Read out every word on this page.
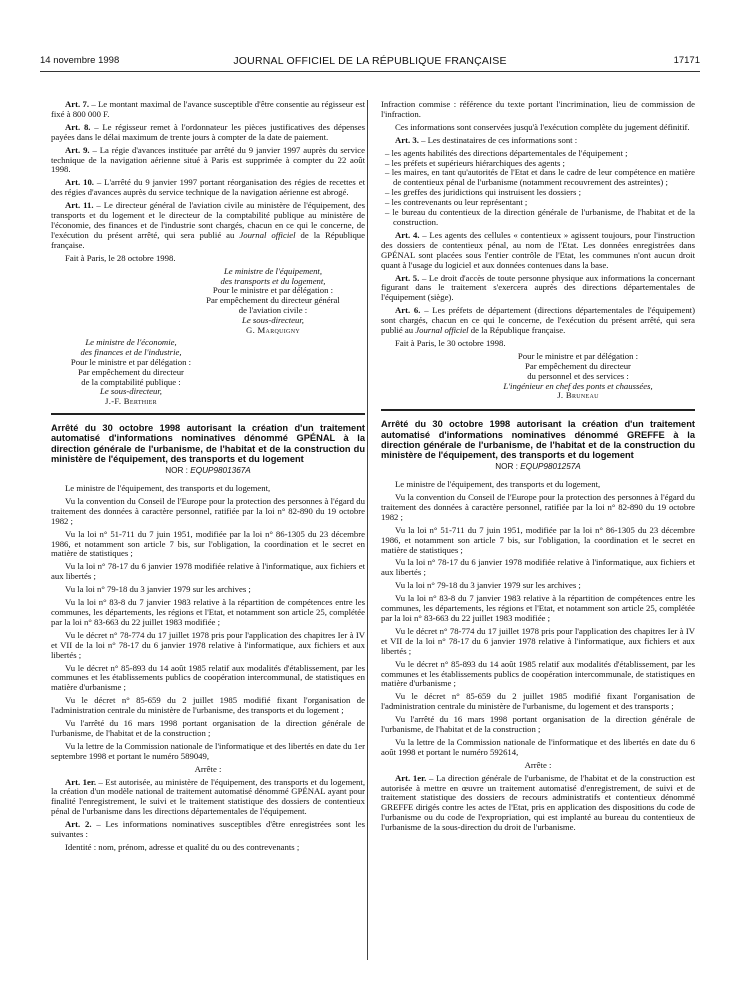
14 novembre 1998	JOURNAL OFFICIEL DE LA RÉPUBLIQUE FRANÇAISE	17171

Art. 7. – Le montant maximal de l'avance susceptible d'être consentie au régisseur est fixé à 800 000 F.

Art. 8. – Le régisseur remet à l'ordonnateur les pièces justificatives des dépenses payées dans le délai maximum de trente jours à compter de la date de paiement.

Art. 9. – La régie d'avances instituée par arrêté du 9 janvier 1997 auprès du service technique de la navigation aérienne situé à Paris est supprimée à compter du 22 août 1998.

Art. 10. – L'arrêté du 9 janvier 1997 portant réorganisation des régies de recettes et des régies d'avances auprès du service technique de la navigation aérienne est abrogé.

Art. 11. – Le directeur général de l'aviation civile au ministère de l'équipement, des transports et du logement et le directeur de la comptabilité publique au ministère de l'économie, des finances et de l'industrie sont chargés, chacun en ce qui le concerne, de l'exécution du présent arrêté, qui sera publié au Journal officiel de la République française.

Fait à Paris, le 28 octobre 1998.

Le ministre de l'équipement,
des transports et du logement,
Pour le ministre et par délégation :
Par empêchement du directeur général
de l'aviation civile :
Le sous-directeur,
G. Marquigny
Le ministre de l'économie,
des finances et de l'industrie,
Pour le ministre et par délégation :
Par empêchement du directeur
de la comptabilité publique :
Le sous-directeur,
J.-F. Berthier
Arrêté du 30 octobre 1998 autorisant la création d'un traitement automatisé d'informations nominatives dénommé GPÉNAL à la direction générale de l'urbanisme, de l'habitat et de la construction du ministère de l'équipement, des transports et du logement
NOR : EQUP9801367A

Le ministre de l'équipement, des transports et du logement,

Vu la convention du Conseil de l'Europe pour la protection des personnes à l'égard du traitement des données à caractère personnel, ratifiée par la loi n° 82-890 du 19 octobre 1982 ;

Vu la loi n° 51-711 du 7 juin 1951, modifiée par la loi n° 86-1305 du 23 décembre 1986, et notamment son article 7 bis, sur l'obligation, la coordination et le secret en matière de statistiques ;

Vu la loi n° 78-17 du 6 janvier 1978 modifiée relative à l'informatique, aux fichiers et aux libertés ;

Vu la loi n° 79-18 du 3 janvier 1979 sur les archives ;

Vu la loi n° 83-8 du 7 janvier 1983 relative à la répartition de compétences entre les communes, les départements, les régions et l'Etat, et notamment son article 25, complétée par la loi n° 83-663 du 22 juillet 1983 modifiée ;

Vu le décret n° 78-774 du 17 juillet 1978 pris pour l'application des chapitres Ier à IV et VII de la loi n° 78-17 du 6 janvier 1978 relative à l'informatique, aux fichiers et aux libertés ;

Vu le décret n° 85-893 du 14 août 1985 relatif aux modalités d'établissement, par les communes et les établissements publics de coopération intercommunal, de statistiques en matière d'urbanisme ;

Vu le décret n° 85-659 du 2 juillet 1985 modifié fixant l'organisation de l'administration centrale du ministère de l'urbanisme, des transports et du logement ;

Vu l'arrêté du 16 mars 1998 portant organisation de la direction générale de l'urbanisme, de l'habitat et de la construction ;

Vu la lettre de la Commission nationale de l'informatique et des libertés en date du 1er septembre 1998 et portant le numéro 589049,

Arrête :

Art. 1er. – Est autorisée, au ministère de l'équipement, des transports et du logement, la création d'un modèle national de traitement automatisé dénommé GPÉNAL ayant pour finalité l'enregistrement, le suivi et le traitement statistique des dossiers de contentieux pénal de l'urbanisme dans les directions départementales de l'équipement.

Art. 2. – Les informations nominatives susceptibles d'être enregistrées sont les suivantes :

Identité : nom, prénom, adresse et qualité du ou des contrevenants ;

Infraction commise : référence du texte portant l'incrimination, lieu de commission de l'infraction.

Ces informations sont conservées jusqu'à l'exécution complète du jugement définitif.

Art. 3. – Les destinataires de ces informations sont :

– les agents habilités des directions départementales de l'équipement ;
– les préfets et supérieurs hiérarchiques des agents ;
– les maires, en tant qu'autorités de l'Etat et dans le cadre de leur compétence en matière de contentieux pénal de l'urbanisme (notamment recouvrement des astreintes) ;
– les greffes des juridictions qui instruisent les dossiers ;
– les contrevenants ou leur représentant ;
– le bureau du contentieux de la direction générale de l'urbanisme, de l'habitat et de la construction.

Art. 4. – Les agents des cellules « contentieux » agissent toujours, pour l'instruction des dossiers de contentieux pénal, au nom de l'Etat. Les données enregistrées dans GPÉNAL sont placées sous l'entier contrôle de l'Etat, les communes n'ont aucun droit quant à l'usage du logiciel et aux données contenues dans la base.

Art. 5. – Le droit d'accès de toute personne physique aux informations la concernant figurant dans le traitement s'exercera auprès des directions départementales de l'équipement (siège).

Art. 6. – Les préfets de département (directions départementales de l'équipement) sont chargés, chacun en ce qui le concerne, de l'exécution du présent arrêté, qui sera publié au Journal officiel de la République française.

Fait à Paris, le 30 octobre 1998.

Pour le ministre et par délégation :
Par empêchement du directeur
du personnel et des services :
L'ingénieur en chef des ponts et chaussées,
J. Bruneau
Arrêté du 30 octobre 1998 autorisant la création d'un traitement automatisé d'informations nominatives dénommé GREFFE à la direction générale de l'urbanisme, de l'habitat et de la construction du ministère de l'équipement, des transports et du logement
NOR : EQUP9801257A

Le ministre de l'équipement, des transports et du logement,

Vu la convention du Conseil de l'Europe pour la protection des personnes à l'égard du traitement des données à caractère personnel, ratifiée par la loi n° 82-890 du 19 octobre 1982 ;

Vu la loi n° 51-711 du 7 juin 1951, modifiée par la loi n° 86-1305 du 23 décembre 1986, et notamment son article 7 bis, sur l'obligation, la coordination et le secret en matière de statistiques ;

Vu la loi n° 78-17 du 6 janvier 1978 modifiée relative à l'informatique, aux fichiers et aux libertés ;

Vu la loi n° 79-18 du 3 janvier 1979 sur les archives ;

Vu la loi n° 83-8 du 7 janvier 1983 relative à la répartition de compétences entre les communes, les départements, les régions et l'Etat, et notamment son article 25, complétée par la loi n° 83-663 du 22 juillet 1983 modifiée ;

Vu le décret n° 78-774 du 17 juillet 1978 pris pour l'application des chapitres Ier à IV et VII de la loi n° 78-17 du 6 janvier 1978 relative à l'informatique, aux fichiers et aux libertés ;

Vu le décret n° 85-893 du 14 août 1985 relatif aux modalités d'établissement, par les communes et les établissements publics de coopération intercommunale, de statistiques en matière d'urbanisme ;

Vu le décret n° 85-659 du 2 juillet 1985 modifié fixant l'organisation de l'administration centrale du ministère de l'urbanisme, du logement et des transports ;

Vu l'arrêté du 16 mars 1998 portant organisation de la direction générale de l'urbanisme, de l'habitat et de la construction ;

Vu la lettre de la Commission nationale de l'informatique et des libertés en date du 6 août 1998 et portant le numéro 592614,

Arrête :

Art. 1er. – La direction générale de l'urbanisme, de l'habitat et de la construction est autorisée à mettre en œuvre un traitement automatisé d'enregistrement, de suivi et de traitement statistique des dossiers de recours administratifs et contentieux dénommé GREFFE dirigés contre les actes de l'Etat, pris en application des dispositions du code de l'urbanisme ou du code de l'expropriation, qui est implanté au bureau du contentieux de l'urbanisme de la sous-direction du droit de l'urbanisme.
